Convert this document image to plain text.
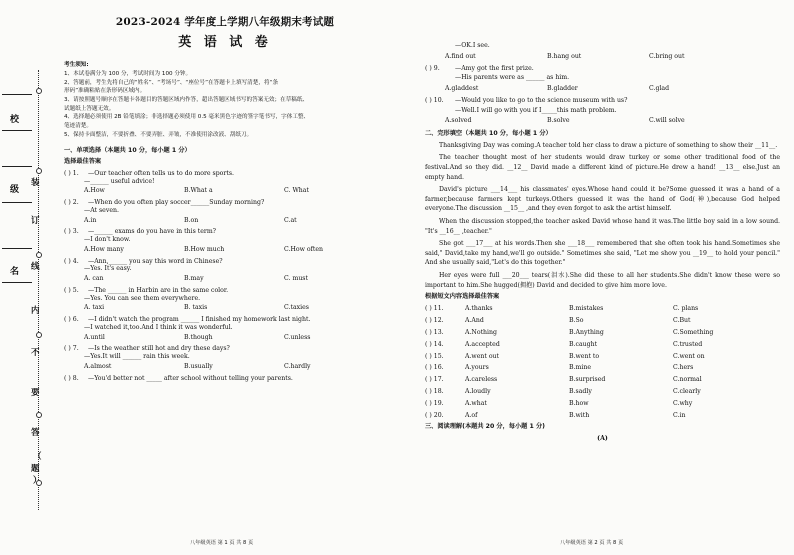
校
级
名
装
订
线
内
不
要
答
题
（
）
2023-2024 学年度上学期八年级期末考试题
英 语 试 卷
考生须知:
1、本试卷满分为 100 分，考试时间为 100 分钟。
2、答题前，考生先将自己的“姓名”、“考场号”、“座位号”在答题卡上填写清楚，将“条
形码”准确粘贴在条形码区域内。
3、请按照题号顺序在答题卡各题目的答题区域内作答，超出答题区域书写的答案无效；在草稿纸、
试题纸上答题无效。
4、选择题必须使用 2B 铅笔填涂；非选择题必须使用 0.5 毫米黑色字迹的签字笔书写，字体工整、
笔迹清楚。
5、保持卡面整洁，不要折叠、不要弄脏、弄皱，不准使用涂改液、刮纸刀。
一、单项选择（本题共 10 分，每小题 1 分）
选择最佳答案
( ) 1. —Our teacher often tells us to do more sports.
—______ useful advice!
A.How	B.What a	C. What
( ) 2. —When do you often play soccer______Sunday morning?
—At seven.
A.in	B.on	C.at
( ) 3. —______ exams do you have in this term?
—I don't know.
A.How many	B.How much	C.How often
( ) 4. —Ann,______ you say this word in Chinese?
—Yes. It's easy.
A. can	B.may	C. must
( ) 5. —The ______ in Harbin are in the same color.
—Yes. You can see them everywhere.
A. taxi	B. taxis	C.taxies
( ) 6. —I didn't watch the program ______ I finished my homework last night.
—I watched it,too.And I think it was wonderful.
A.until	B.though	C.unless
( ) 7. —Is the weather still hot and dry these days?
—Yes.It will ______ rain this week.
A.almost	B.usually	C.hardly
( ) 8. —You'd better not _____ after school without telling your parents.
—OK.I see.
A.find out	B.hang out	C.bring out
( ) 9. —Amy got the first prize.
—His parents were as ______ as him.
A.gladdest	B.gladder	C.glad
( ) 10. —Would you like to go to the science museum with us?
—Well.I will go with you if I_____this math problem.
A.solved	B.solve	C.will solve
二、完形填空（本题共 10 分，每小题 1 分）

Thanksgiving Day was coming.A teacher told her class to draw a picture of something to show their __11__.

The teacher thought most of her students would draw turkey or some other traditional food of the festival.And so they did. __12__ David made a different kind of picture.He drew a hand! __13__ else.Just an empty hand.

David's picture ___14___ his classmates' eyes.Whose hand could it be?Some guessed it was a hand of a farmer,because farmers kept turkeys.Others guessed it was the hand of God(神),because God helped everyone.The discussion __15__ ,and they even forgot to ask the artist himself.

When the discussion stopped,the teacher asked David whose hand it was.The little boy said in a low sound. "It's __16__ ,teacher."

She got ___17___ at his words.Then she ___18___ remembered that she often took his hand.Sometimes she said," David,take my hand,we'll go outside." Sometimes she said, "Let me show you __19__ to hold your pencil." And she usually said,"Let's do this together."

Her eyes were full ___20___ tears(泪水).She did these to all her students.She didn't know these were so important to him.She hugged(拥抱) David and decided to give him more love.

根据短文内容选择最佳答案
( ) 11.	A.thanks	B.mistakes	C. plans
( ) 12.	A.And	B.So	C.But
( ) 13.	A.Nothing	B.Anything	C.Something
( ) 14.	A.accepted	B.caught	C.trusted
( ) 15.	A.went out	B.went to	C.went on
( ) 16.	A.yours	B.mine	C.hers
( ) 17.	A.careless	B.surprised	C.normal
( ) 18.	A.loudly	B.sadly	C.clearly
( ) 19.	A.what	B.how	C.why
( ) 20.	A.of	B.with	C.in
三、阅读理解(本题共 20 分，每小题 1 分)
(A)
八年级英语 第 1 页 共 8 页	八年级英语 第 2 页 共 8 页
